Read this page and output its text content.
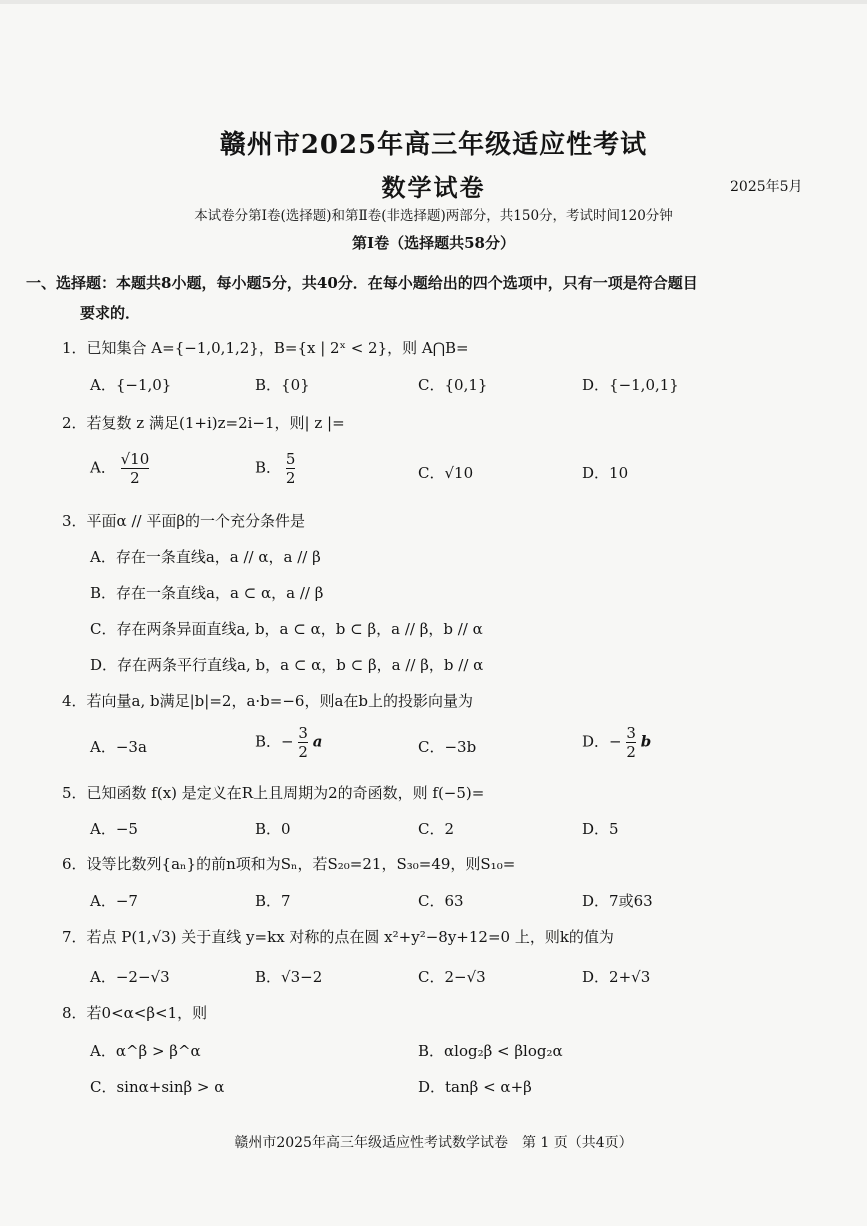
赣州市2025年高三年级适应性考试
数学试卷	2025年5月
本试卷分第Ⅰ卷(选择题)和第Ⅱ卷(非选择题)两部分，共150分，考试时间120分钟
第Ⅰ卷（选择题共58分）
一、选择题：本题共8小题，每小题5分，共40分．在每小题给出的四个选项中，只有一项是符合题目
要求的．
1．已知集合 A={−1,0,1,2}，B={x | 2ˣ < 2}，则 A⋂B=
A．{−1,0}	B．{0}	C．{0,1}	D．{−1,0,1}
2．若复数 z 满足(1+i)z=2i−1，则| z |=
A． $\frac{√10}{2}$	B． $\frac{5}{2}$	C．√10	D．10
3．平面α // 平面β的一个充分条件是
A．存在一条直线a，a // α，a // β
B．存在一条直线a，a ⊂ α，a // β
C．存在两条异面直线a, b，a ⊂ α，b ⊂ β，a // β，b // α
D．存在两条平行直线a, b，a ⊂ α，b ⊂ β，a // β，b // α
4．若向量a, b满足|b|=2，a·b=−6，则a在b上的投影向量为
A．−3a	B．− $\frac{3}{2}$ a	C．−3b	D．− $\frac{3}{2}$ b
5．已知函数 f(x) 是定义在R上且周期为2的奇函数，则 f(−5)=
A．−5	B．0	C．2	D．5
6．设等比数列{aₙ}的前n项和为Sₙ，若S₂₀=21，S₃₀=49，则S₁₀=
A．−7	B．7	C．63	D．7或63
7．若点 P(1,√3) 关于直线 y=kx 对称的点在圆 x²+y²−8y+12=0 上，则k的值为
A．−2−√3	B．√3−2	C．2−√3	D．2+√3
8．若0<α<β<1，则
A．α^β > β^α	B．αlog₂β < βlog₂α
C．sinα+sinβ > α	D．tanβ < α+β
赣州市2025年高三年级适应性考试数学试卷　第 1 页（共4页）
